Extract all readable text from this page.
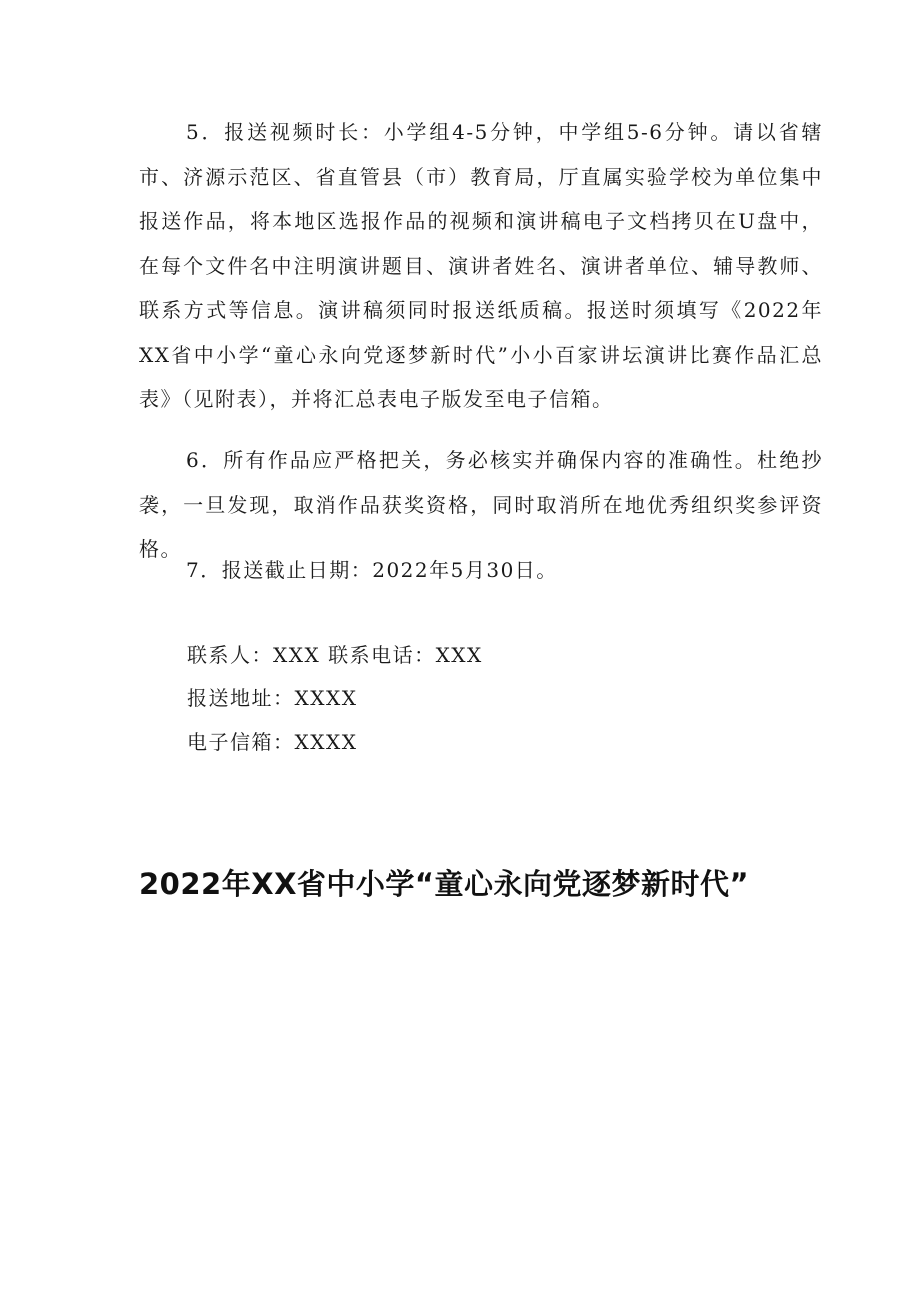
5．报送视频时长：小学组4-5分钟，中学组5-6分钟。请以省辖市、济源示范区、省直管县（市）教育局，厅直属实验学校为单位集中报送作品，将本地区选报作品的视频和演讲稿电子文档拷贝在U盘中，在每个文件名中注明演讲题目、演讲者姓名、演讲者单位、辅导教师、联系方式等信息。演讲稿须同时报送纸质稿。报送时须填写《2022年XX省中小学“童心永向党逐梦新时代”小小百家讲坛演讲比赛作品汇总表》（见附表），并将汇总表电子版发至电子信箱。

6．所有作品应严格把关，务必核实并确保内容的准确性。杜绝抄袭，一旦发现，取消作品获奖资格，同时取消所在地优秀组织奖参评资格。

7．报送截止日期：2022年5月30日。

联系人：XXX 联系电话：XXX

报送地址：XXXX

电子信箱：XXXX

2022年XX省中小学“童心永向党逐梦新时代”
